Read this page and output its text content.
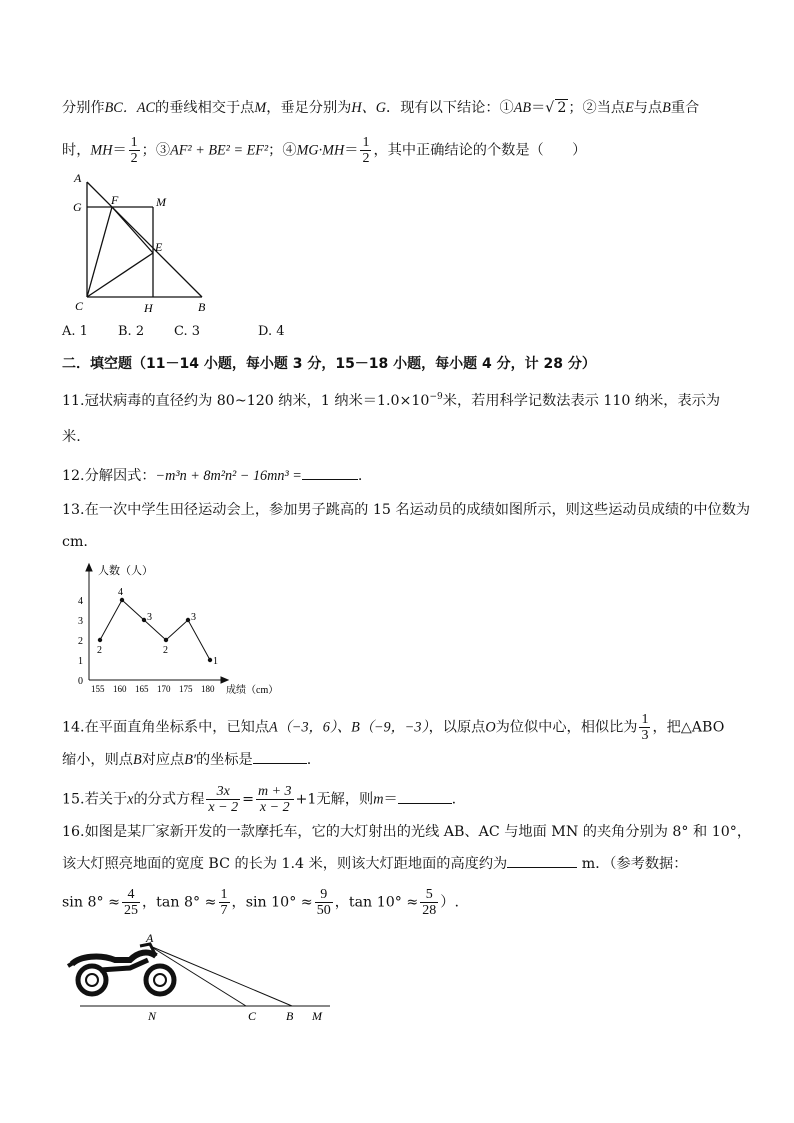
分别作BC．AC的垂线相交于点M，垂足分别为H、G．现有以下结论：①AB＝√ 2 ；②当点E与点B重合
时，$MH= \frac{1}{2}$ ；③AF² + BE² = EF²；④MG·MH＝ $\frac{1}{2}$ ，其中正确结论的个数是（　　）
A
F	M
G
E
C	H	B
A. 1 B. 2 C. 3	D. 4
二．填空题（11－14 小题，每小题 3 分，15－18 小题，每小题 4 分，计 28 分）
11.冠状病毒的直径约为 80~120 纳米，1 纳米$=1.0\times 10^{-9}$米，若用科学记数法表示 110 纳米，表示为
米.
12.分解因式：−m³n + 8m²n² − 16mn³ =	.
13.在一次中学生田径运动会上，参加男子跳高的 15 名运动员的成绩如图所示，则这些运动员成绩的中位数为
cm.
人数（人）
成绩（cm）
0
1
2
3
4
2
155
4
160
3
165
2
170
3
175
1
180
14.在平面直角坐标系中，已知点A（−3，6）、B（−9，−3），以原点O为位似中心，相似比为 $\frac{1}{3}$ ，把△ABO
缩小，则点B对应点B′的坐标是	.
15.若关于x的分式方程 $\frac{3x}{x - 2} = \frac{m + 3}{x - 2} +1$无解，则m＝	.
16.如图是某厂家新开发的一款摩托车，它的大灯射出的光线 AB、AC 与地面 MN 的夹角分别为 8° 和 10°，
该大灯照亮地面的宽度 BC 的长为 1.4 米，则该大灯距地面的高度约为	m．（参考数据：
$\sin 8^\circ \approx \frac{4}{25}$ ，$\tan 8^\circ \approx \frac{1}{7}$ ，$\sin 10^\circ \approx \frac{9}{50}$ ，$\tan 10^\circ \approx \frac{5}{28}$ ）.
A
N	C B M
